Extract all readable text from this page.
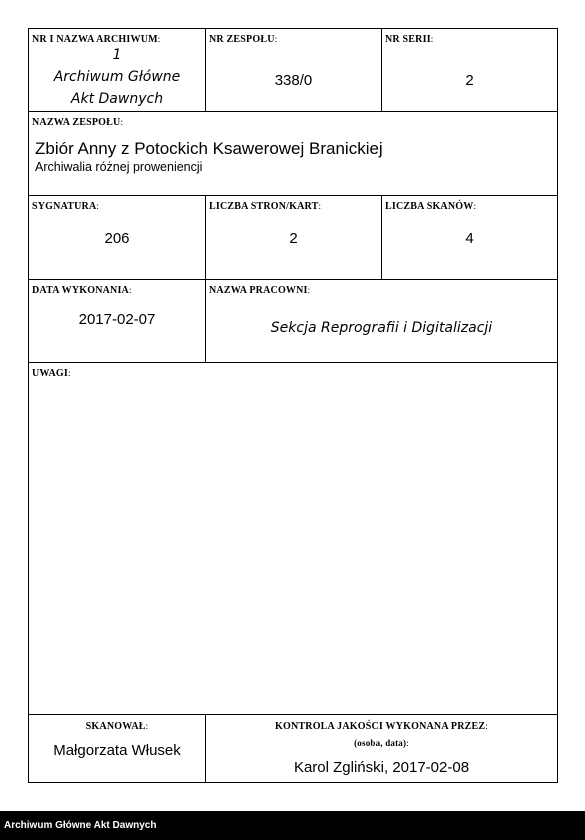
NR I NAZWA ARCHIWUM:
1
Archiwum Główne
Akt Dawnych
NR ZESPOŁU:
338/0
NR SERII:
2
NAZWA ZESPOŁU:
Zbiór Anny z Potockich Ksawerowej Branickiej
Archiwalia różnej proweniencji
SYGNATURA:
206
LICZBA STRON/KART:
2
LICZBA SKANÓW:
4
DATA WYKONANIA:
2017-02-07
NAZWA PRACOWNI:
Sekcja Reprografii i Digitalizacji
UWAGI:
SKANOWAŁ:
Małgorzata Włusek
KONTROLA JAKOŚCI WYKONANA PRZEZ:
(osoba, data):
Karol Zgliński, 2017-02-08
Archiwum Główne Akt Dawnych
